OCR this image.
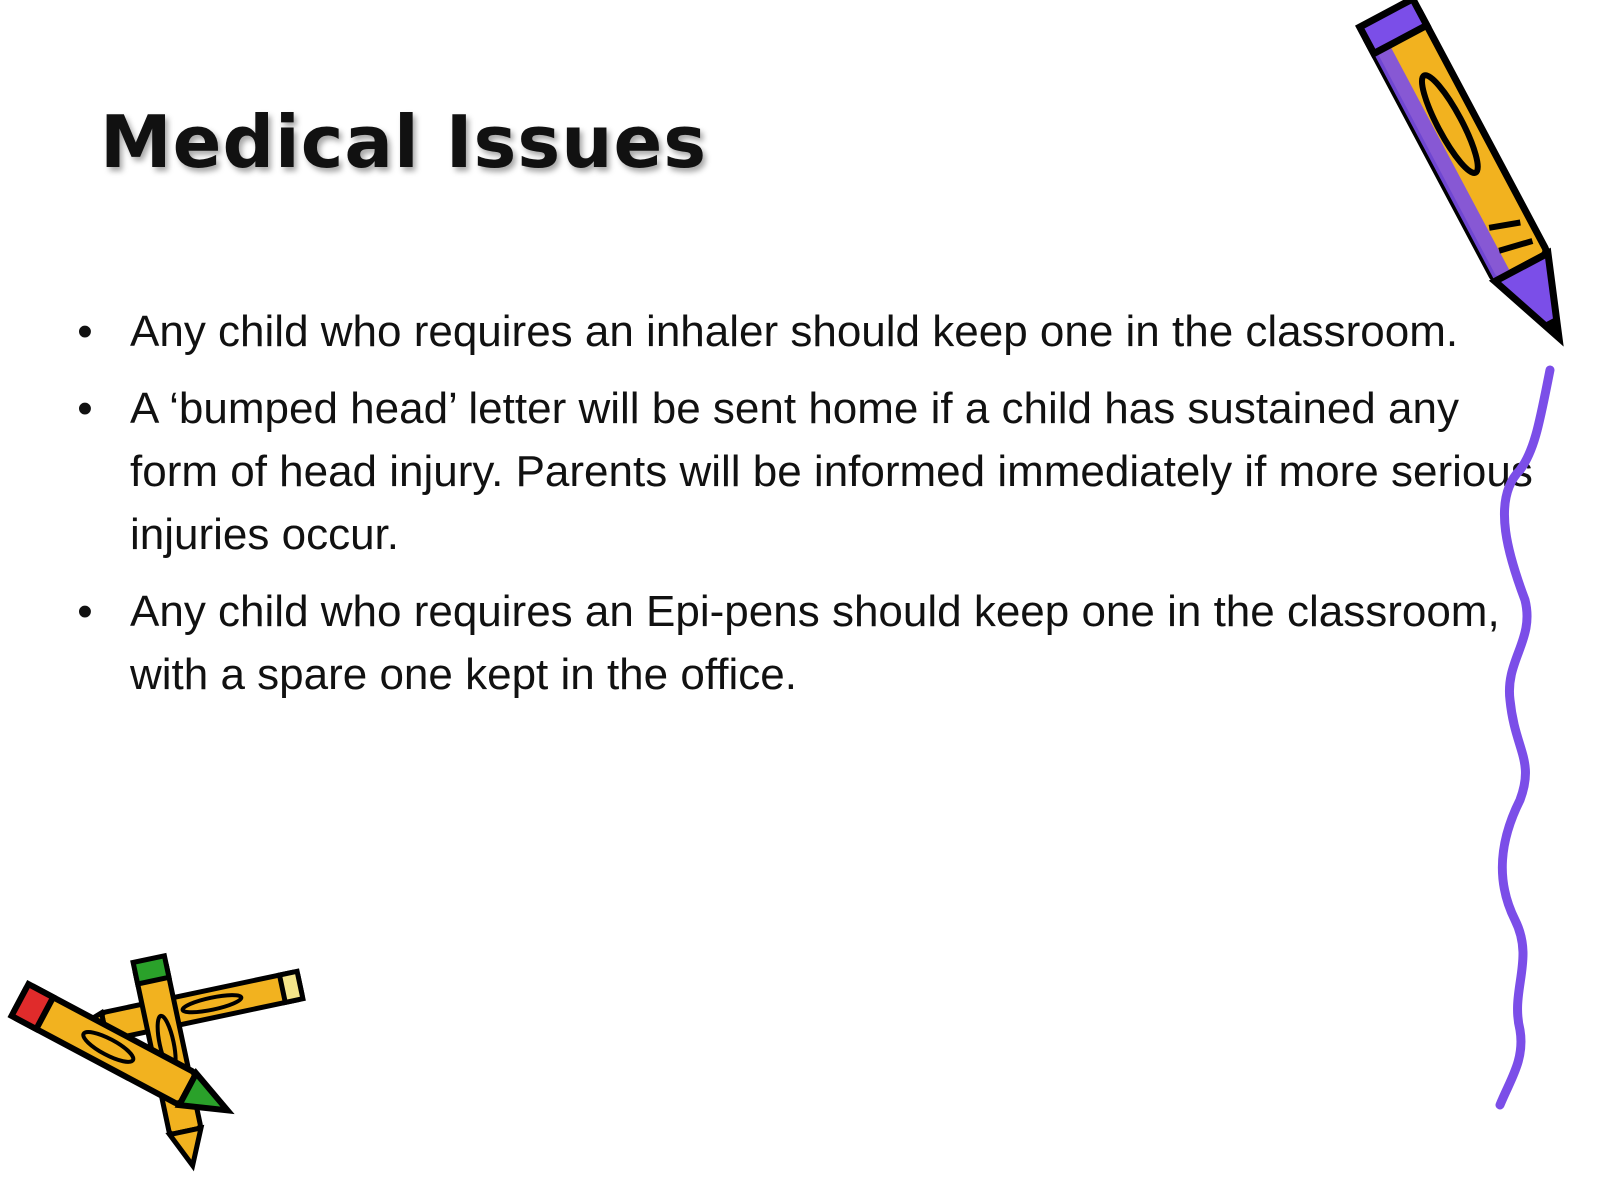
Medical Issues
• Any child who requires an inhaler should keep one in the classroom.
• A ‘bumped head’ letter will be sent home if a child has sustained any form of head injury. Parents will be informed immediately if more serious injuries occur.
• Any child who requires an Epi-pens should keep one in the classroom, with a spare one kept in the office.
